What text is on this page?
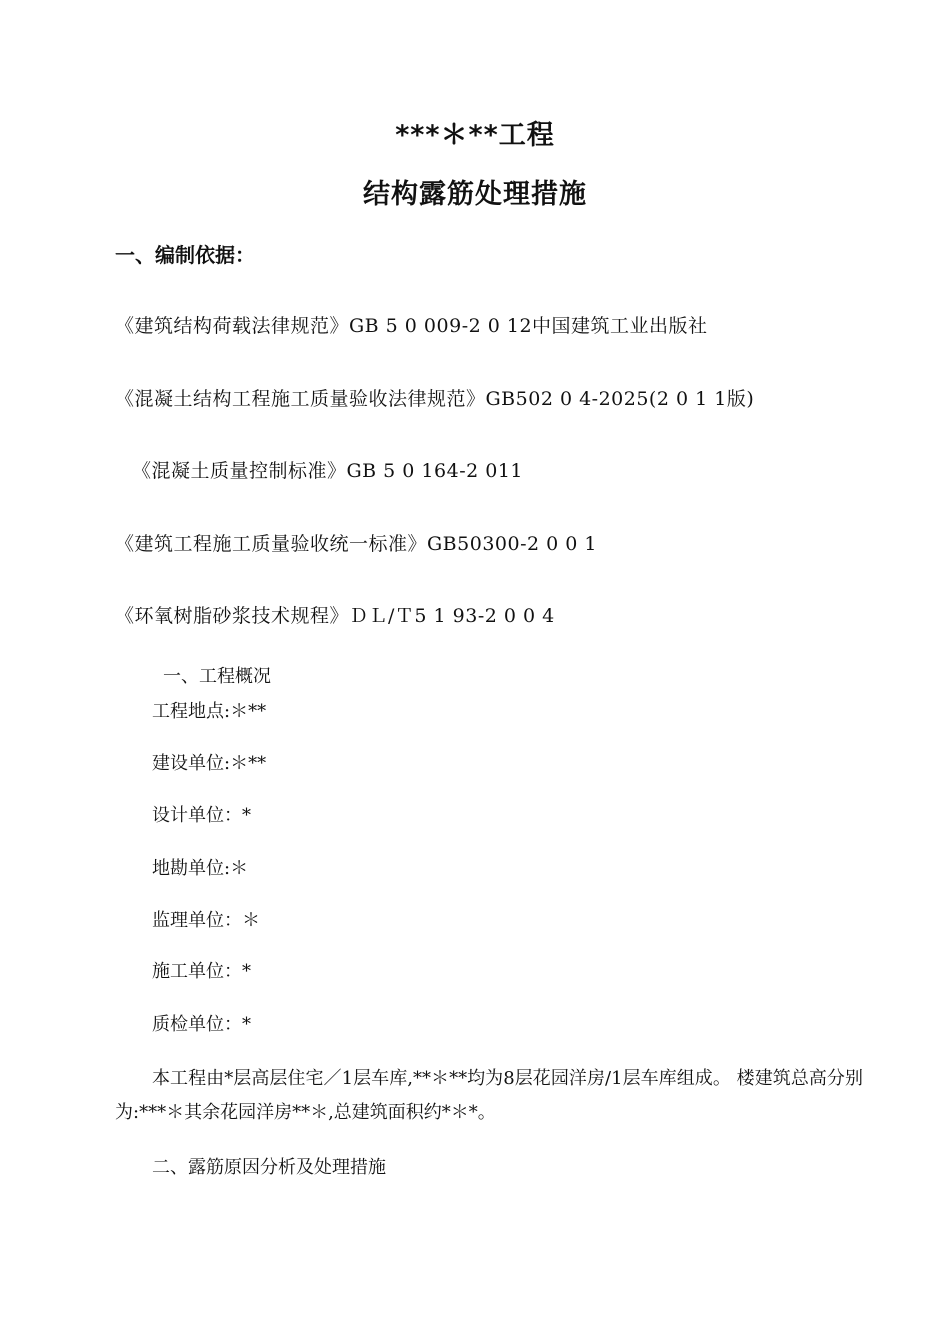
***＊**工程
结构露筋处理措施
一、编制依据：
《建筑结构荷载法律规范》GB 5 0 009-2 0 12中国建筑工业出版社
《混凝土结构工程施工质量验收法律规范》GB502 0 4-2025(2 0 1 1版)
《混凝土质量控制标准》GB 5 0 164-2 011
《建筑工程施工质量验收统一标准》GB50300-2 0 0 1
《环氧树脂砂浆技术规程》ＤＬ/Ｔ5 1 93-2 0 0 4
一、工程概况
工程地点:＊**
建设单位:＊**
设计单位：*
地勘单位:＊
监理单位：＊
施工单位：*
质检单位：*
本工程由*层高层住宅／1层车库,**＊**均为8层花园洋房/1层车库组成。 楼建筑总高分别为:***＊其余花园洋房**＊,总建筑面积约*＊*。
二、露筋原因分析及处理措施
